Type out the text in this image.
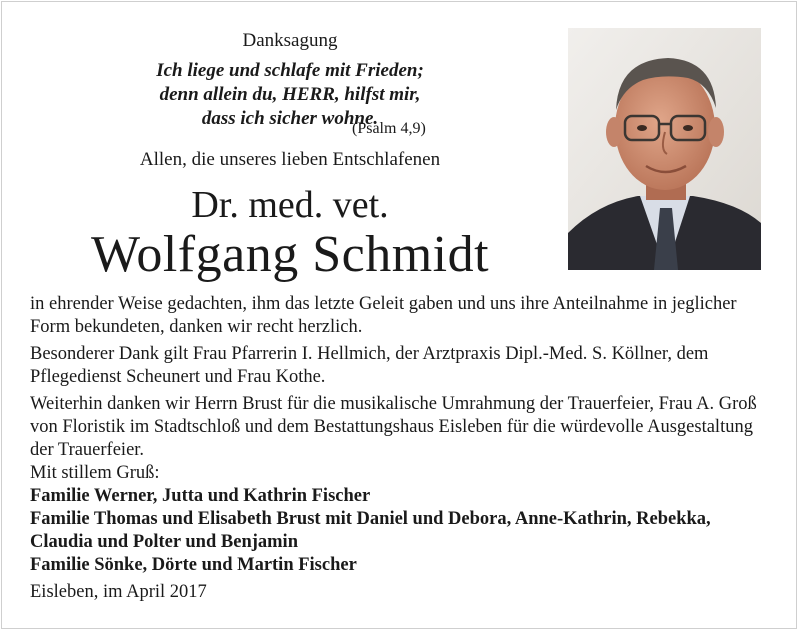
Danksagung
Ich liege und schlafe mit Frieden;
denn allein du, HERR, hilfst mir,
dass ich sicher wohne.
(Psalm 4,9)
Allen, die unseres lieben Entschlafenen
Dr. med. vet.
Wolfgang Schmidt

in ehrender Weise gedachten, ihm das letzte Geleit gaben und uns ihre Anteilnahme in jeglicher Form bekundeten, danken wir recht herzlich.

Besonderer Dank gilt Frau Pfarrerin I. Hellmich, der Arztpraxis Dipl.-Med. S. Köllner, dem Pflegedienst Scheunert und Frau Kothe.

Weiterhin danken wir Herrn Brust für die musikalische Umrahmung der Trauerfeier, Frau A. Groß von Floristik im Stadtschloß und dem Bestattungshaus Eisleben für die würdevolle Ausgestaltung der Trauerfeier.

Mit stillem Gruß:
Familie Werner, Jutta und Kathrin Fischer
Familie Thomas und Elisabeth Brust mit Daniel und Debora, Anne-Kathrin, Rebekka, Claudia und Polter und Benjamin
Familie Sönke, Dörte und Martin Fischer
Eisleben, im April 2017
